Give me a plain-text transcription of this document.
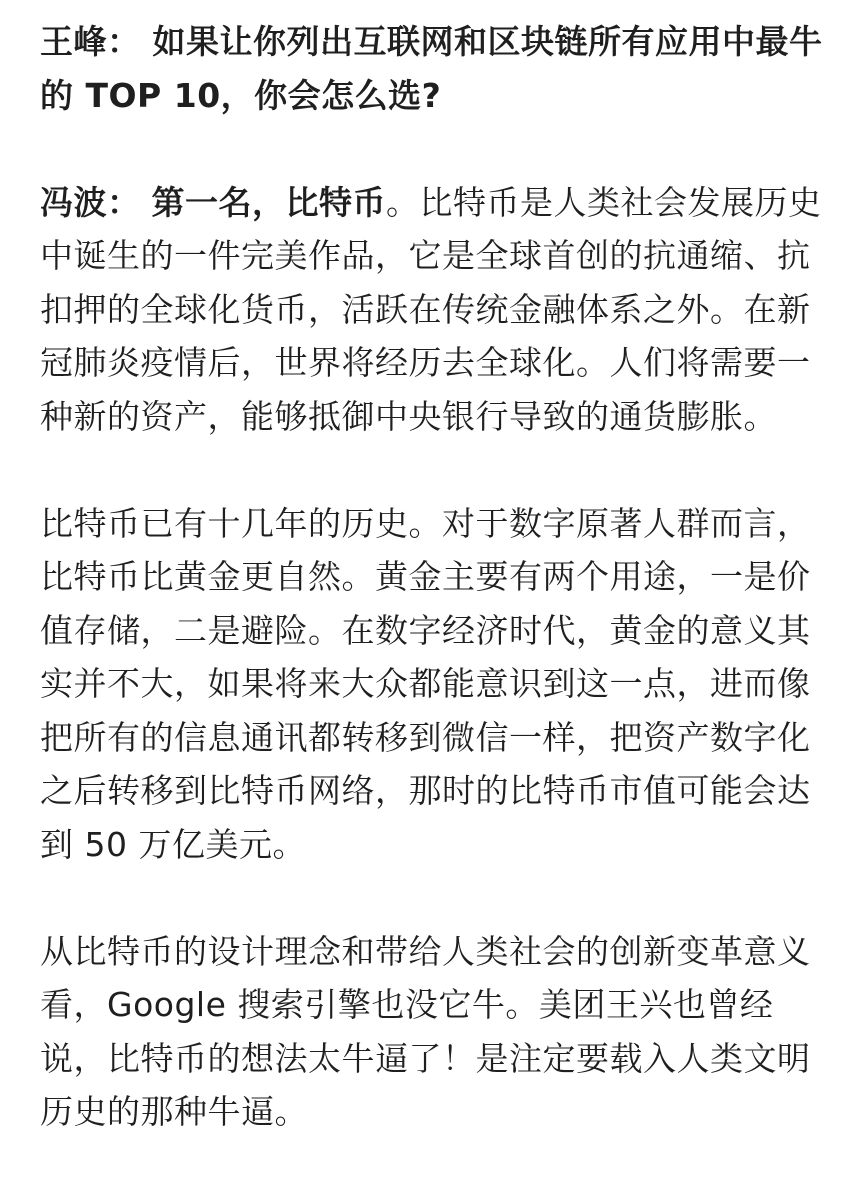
王峰： 如果让你列出互联网和区块链所有应用中最牛
的 TOP 10，你会怎么选?

冯波： 第一名，比特币。比特币是人类社会发展历史
中诞生的一件完美作品，它是全球首创的抗通缩、抗
扣押的全球化货币，活跃在传统金融体系之外。在新
冠肺炎疫情后，世界将经历去全球化。人们将需要一
种新的资产，能够抵御中央银行导致的通货膨胀。

比特币已有十几年的历史。对于数字原著人群而言，
比特币比黄金更自然。黄金主要有两个用途，一是价
值存储，二是避险。在数字经济时代，黄金的意义其
实并不大，如果将来大众都能意识到这一点，进而像
把所有的信息通讯都转移到微信一样，把资产数字化
之后转移到比特币网络，那时的比特币市值可能会达
到 50 万亿美元。

从比特币的设计理念和带给人类社会的创新变革意义
看，Google 搜索引擎也没它牛。美团王兴也曾经
说，比特币的想法太牛逼了！是注定要载入人类文明
历史的那种牛逼。
